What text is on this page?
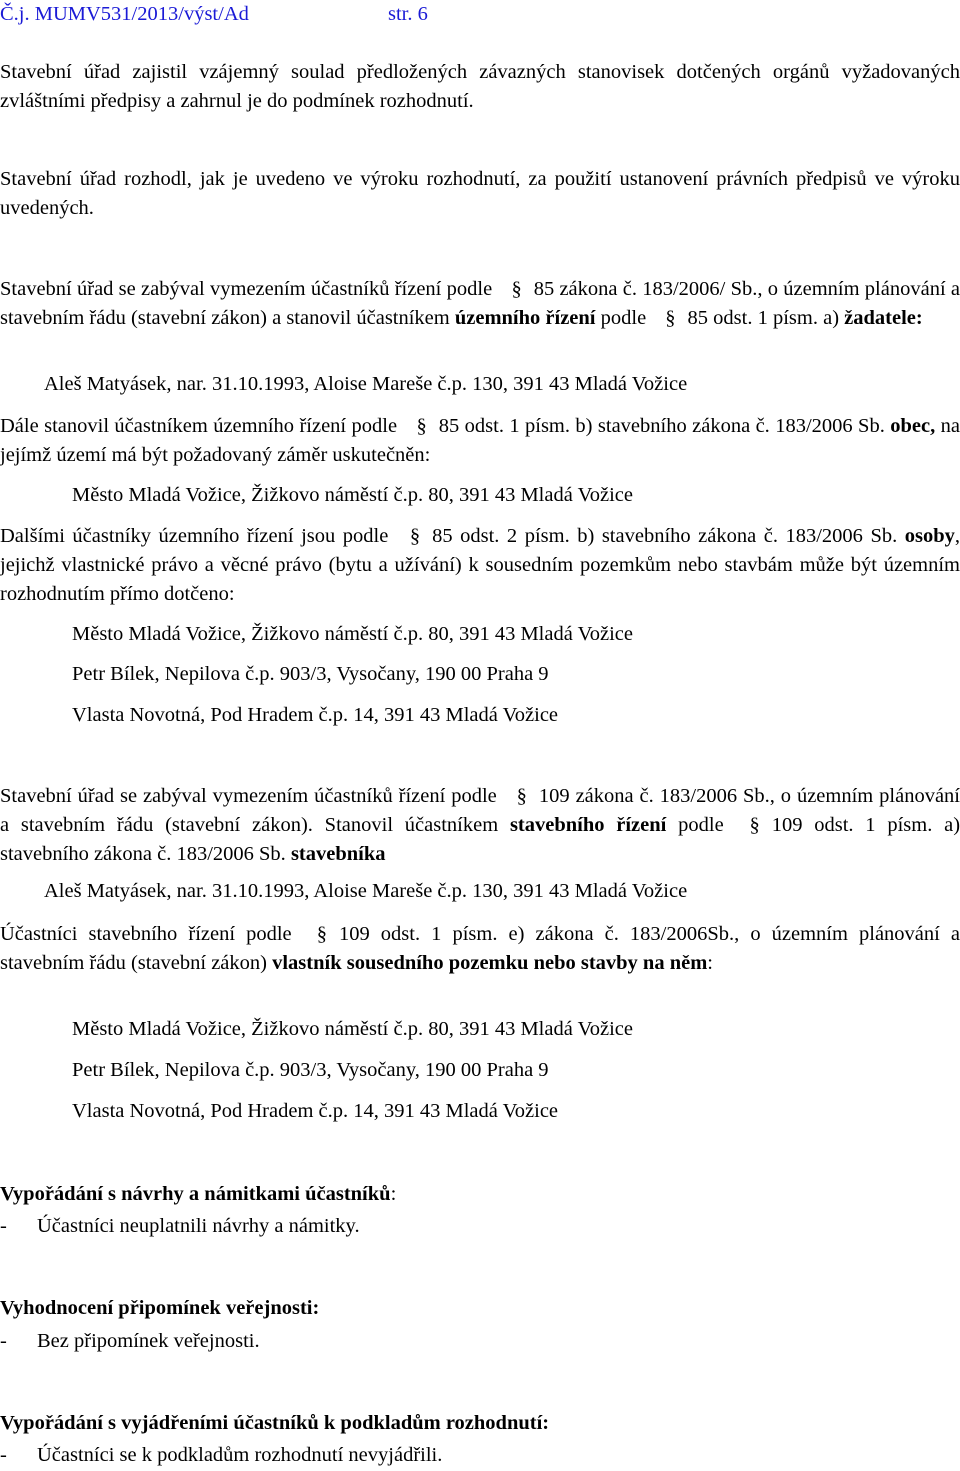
Č.j. MUMV531/2013/výst/Ad	str. 6
Stavební úřad zajistil vzájemný soulad předložených závazných stanovisek dotčených orgánů vyžadovaných zvláštními předpisy a zahrnul je do podmínek rozhodnutí.
Stavební úřad rozhodl, jak je uvedeno ve výroku rozhodnutí, za použití ustanovení právních předpisů ve výroku uvedených.
Stavební úřad se zabýval vymezením účastníků řízení podle § 85 zákona č. 183/2006/ Sb., o územním plánování a stavebním řádu (stavební zákon) a stanovil účastníkem územního řízení podle § 85 odst. 1 písm. a) žadatele:
Aleš Matyásek, nar. 31.10.1993, Aloise Mareše č.p. 130, 391 43 Mladá Vožice
Dále stanovil účastníkem územního řízení podle § 85 odst. 1 písm. b) stavebního zákona č. 183/2006 Sb. obec, na jejímž území má být požadovaný záměr uskutečněn:
Město Mladá Vožice, Žižkovo náměstí č.p. 80, 391 43 Mladá Vožice
Dalšími účastníky územního řízení jsou podle § 85 odst. 2 písm. b) stavebního zákona č. 183/2006 Sb. osoby, jejichž vlastnické právo a věcné právo (bytu a užívání) k sousedním pozemkům nebo stavbám může být územním rozhodnutím přímo dotčeno:
Město Mladá Vožice, Žižkovo náměstí č.p. 80, 391 43 Mladá Vožice
Petr Bílek, Nepilova č.p. 903/3, Vysočany, 190 00 Praha 9
Vlasta Novotná, Pod Hradem č.p. 14, 391 43 Mladá Vožice
Stavební úřad se zabýval vymezením účastníků řízení podle § 109 zákona č. 183/2006 Sb., o územním plánování a stavebním řádu (stavební zákon). Stanovil účastníkem stavebního řízení podle § 109 odst. 1 písm. a) stavebního zákona č. 183/2006 Sb. stavebníka
Aleš Matyásek, nar. 31.10.1993, Aloise Mareše č.p. 130, 391 43 Mladá Vožice
Účastníci stavebního řízení podle § 109 odst. 1 písm. e) zákona č. 183/2006Sb., o územním plánování a stavebním řádu (stavební zákon) vlastník sousedního pozemku nebo stavby na něm:
Město Mladá Vožice, Žižkovo náměstí č.p. 80, 391 43 Mladá Vožice
Petr Bílek, Nepilova č.p. 903/3, Vysočany, 190 00 Praha 9
Vlasta Novotná, Pod Hradem č.p. 14, 391 43 Mladá Vožice
Vypořádání s návrhy a námitkami účastníků:
- Účastníci neuplatnili návrhy a námitky.
Vyhodnocení připomínek veřejnosti:
- Bez připomínek veřejnosti.
Vypořádání s vyjádřeními účastníků k podkladům rozhodnutí:
- Účastníci se k podkladům rozhodnutí nevyjádřili.
